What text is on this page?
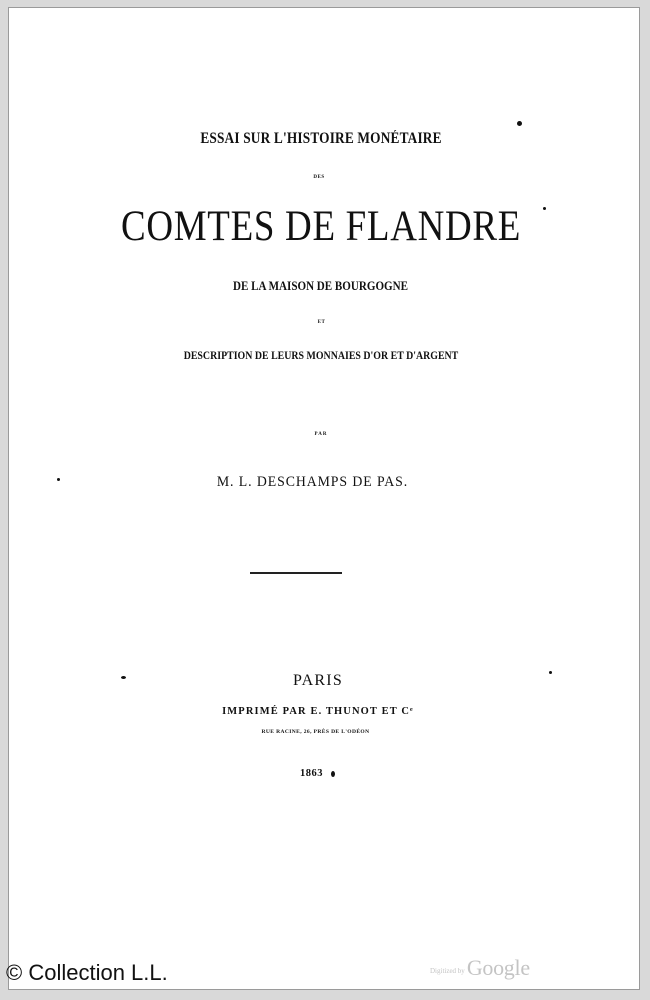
ESSAI SUR L'HISTOIRE MONÉTAIRE
DES
COMTES DE FLANDRE
DE LA MAISON DE BOURGOGNE
ET
DESCRIPTION DE LEURS MONNAIES D'OR ET D'ARGENT
PAR
M. L. DESCHAMPS DE PAS.
PARIS
IMPRIMÉ PAR E. THUNOT ET Cᵉ
RUE RACINE, 26, PRÈS DE L'ODÉON
1863
Digitized byGoogle
© Collection L.L.
